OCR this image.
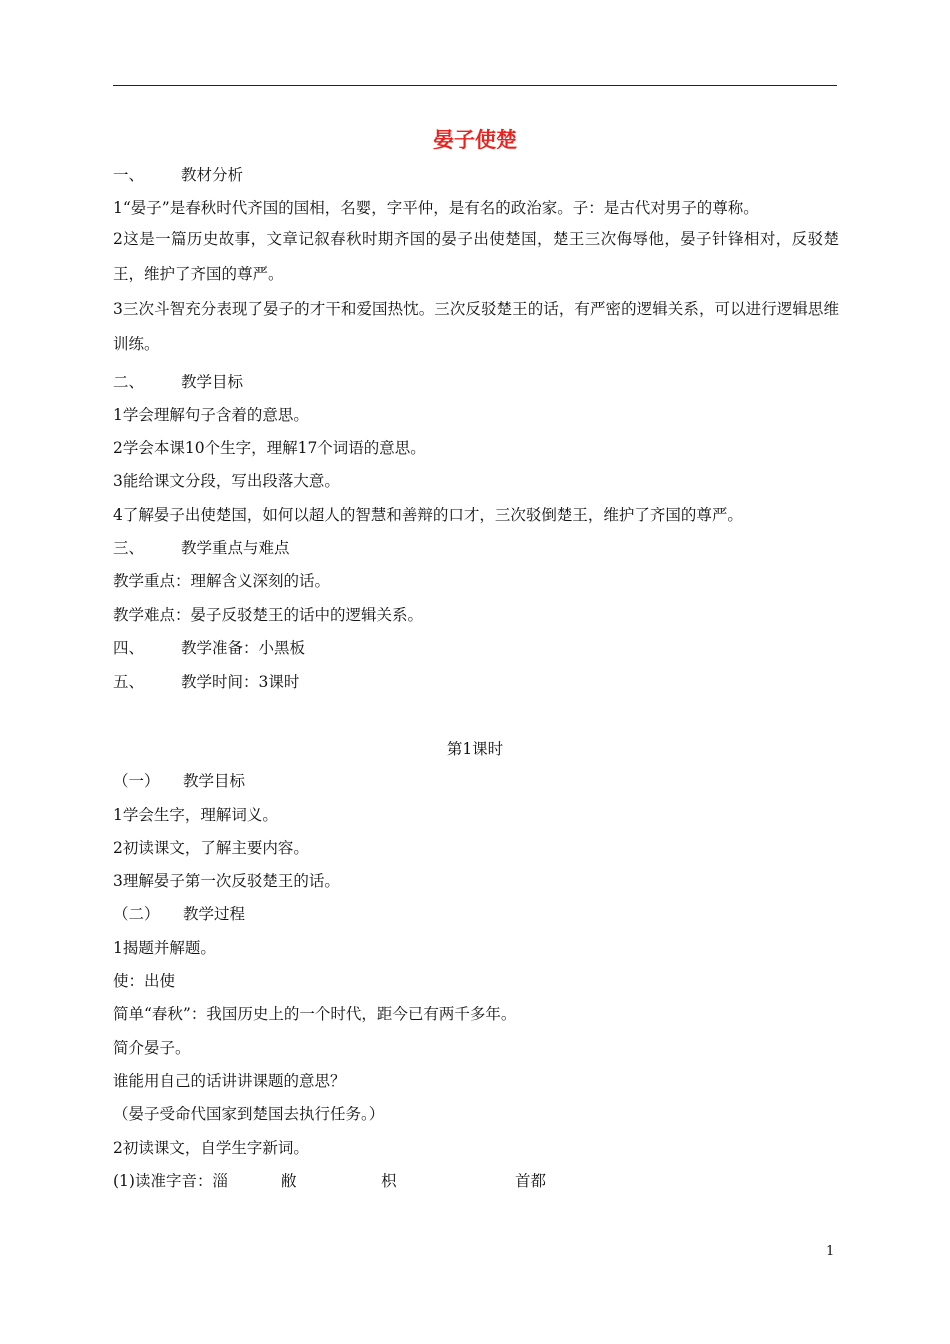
晏子使楚
一、 教材分析
1“晏子”是春秋时代齐国的国相，名婴，字平仲，是有名的政治家。子：是古代对男子的尊称。
2这是一篇历史故事，文章记叙春秋时期齐国的晏子出使楚国，楚王三次侮辱他，晏子针锋相对，反驳楚王，维护了齐国的尊严。
3三次斗智充分表现了晏子的才干和爱国热忱。三次反驳楚王的话，有严密的逻辑关系，可以进行逻辑思维训练。
二、 教学目标
1学会理解句子含着的意思。
2学会本课10个生字，理解17个词语的意思。
3能给课文分段，写出段落大意。
4了解晏子出使楚国，如何以超人的智慧和善辩的口才，三次驳倒楚王，维护了齐国的尊严。
三、 教学重点与难点
教学重点：理解含义深刻的话。
教学难点：晏子反驳楚王的话中的逻辑关系。
四、 教学准备：小黑板
五、 教学时间：3课时
第1课时
（一） 教学目标
1学会生字，理解词义。
2初读课文，了解主要内容。
3理解晏子第一次反驳楚王的话。
（二） 教学过程
1揭题并解题。
使：出使
简单“春秋”：我国历史上的一个时代，距今已有两千多年。
简介晏子。
谁能用自己的话讲讲课题的意思？
（晏子受命代国家到楚国去执行任务。）
2初读课文，自学生字新词。
(1)读准字音：淄	敝	枳	首都
1
